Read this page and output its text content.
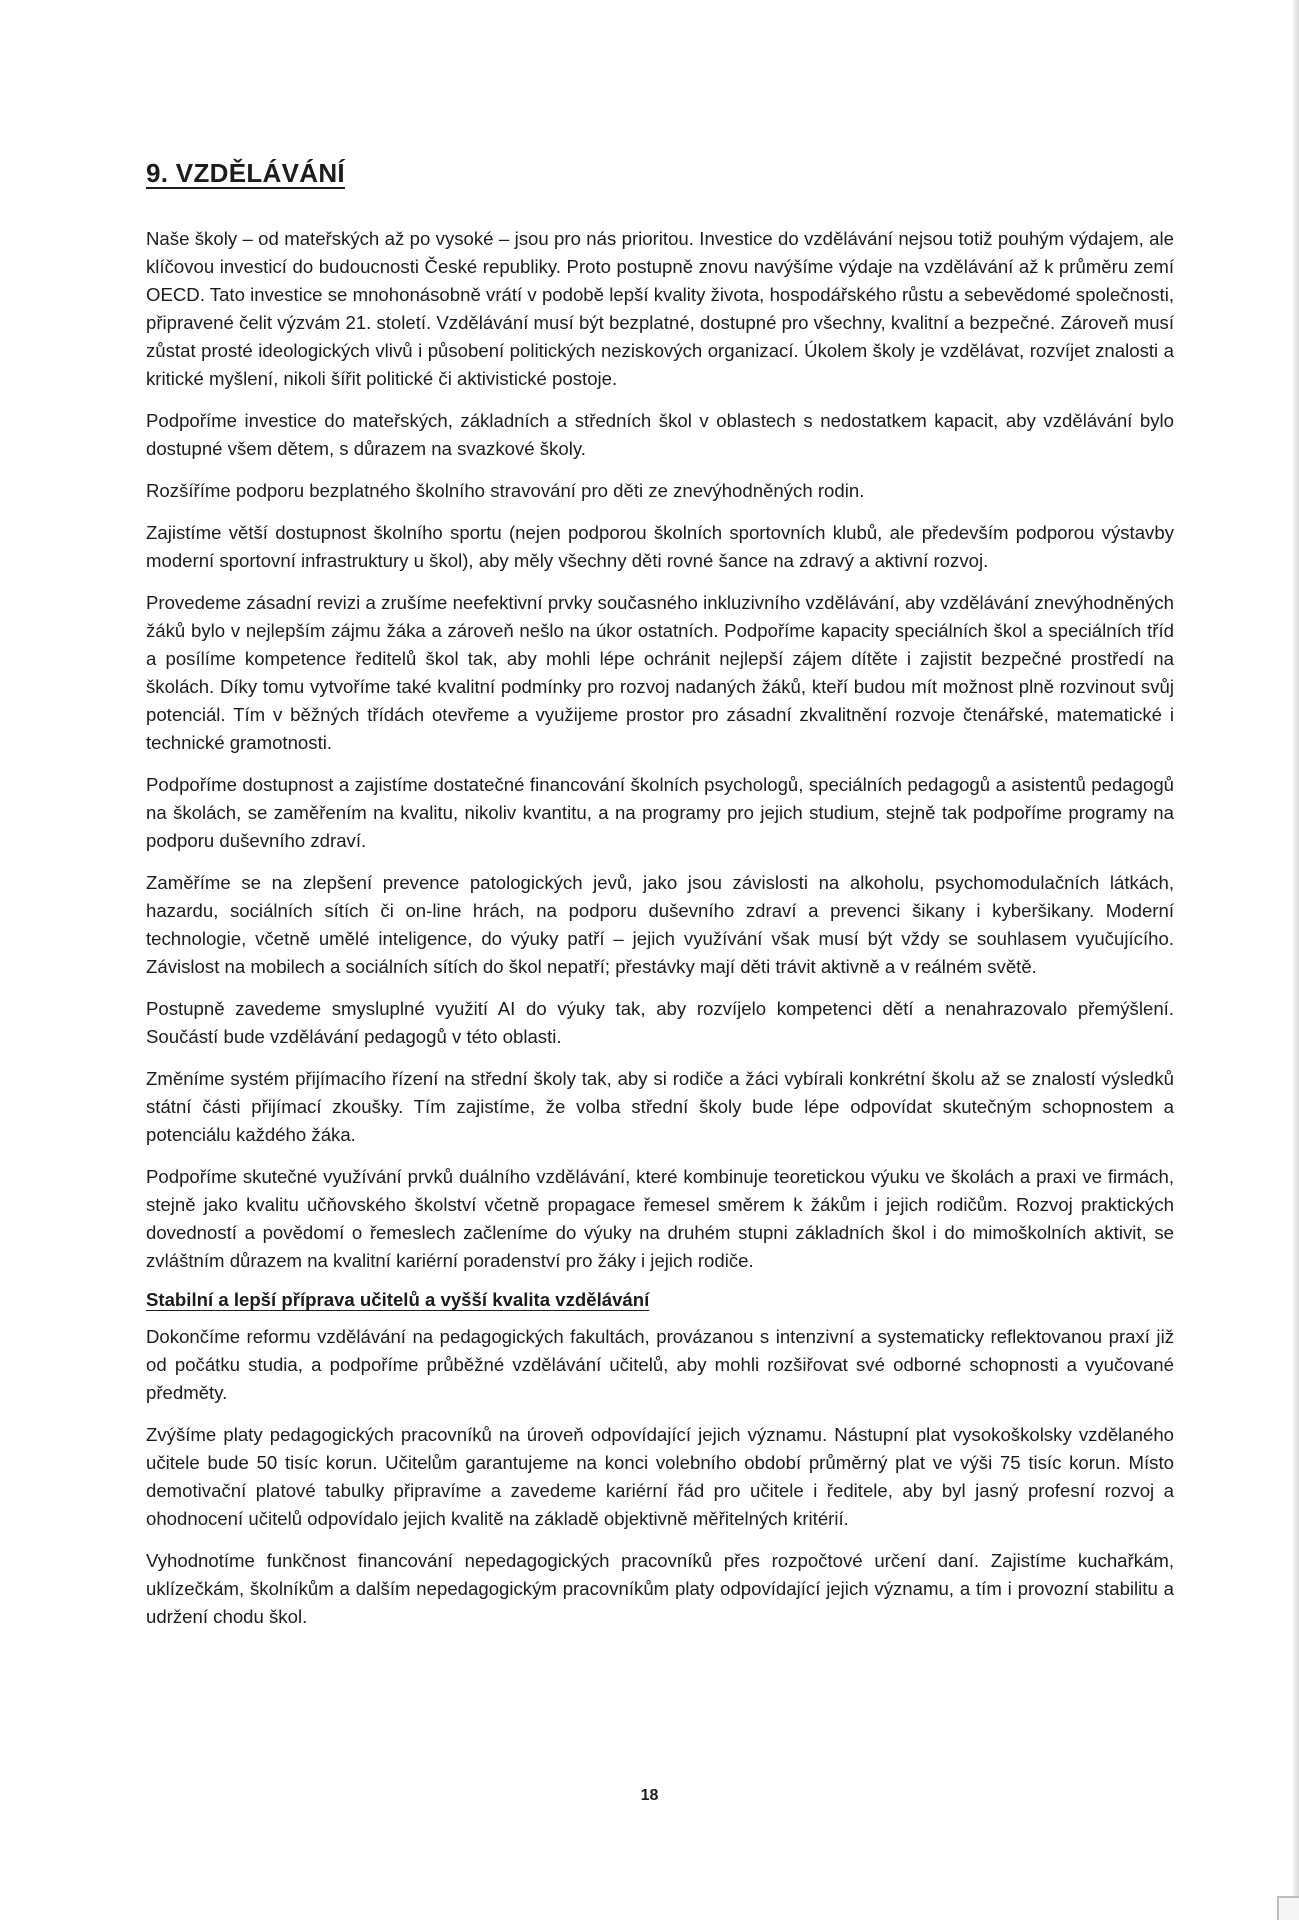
9. VZDĚLÁVÁNÍ

Naše školy – od mateřských až po vysoké – jsou pro nás prioritou. Investice do vzdělávání nejsou totiž pouhým výdajem, ale klíčovou investicí do budoucnosti České republiky. Proto postupně znovu navýšíme výdaje na vzdělávání až k průměru zemí OECD. Tato investice se mnohonásobně vrátí v podobě lepší kvality života, hospodářského růstu a sebevědomé společnosti, připravené čelit výzvám 21. století. Vzdělávání musí být bezplatné, dostupné pro všechny, kvalitní a bezpečné. Zároveň musí zůstat prosté ideologických vlivů i působení politických neziskových organizací. Úkolem školy je vzdělávat, rozvíjet znalosti a kritické myšlení, nikoli šířit politické či aktivistické postoje.

Podpoříme investice do mateřských, základních a středních škol v oblastech s nedostatkem kapacit, aby vzdělávání bylo dostupné všem dětem, s důrazem na svazkové školy.

Rozšíříme podporu bezplatného školního stravování pro děti ze znevýhodněných rodin.

Zajistíme větší dostupnost školního sportu (nejen podporou školních sportovních klubů, ale především podporou výstavby moderní sportovní infrastruktury u škol), aby měly všechny děti rovné šance na zdravý a aktivní rozvoj.

Provedeme zásadní revizi a zrušíme neefektivní prvky současného inkluzivního vzdělávání, aby vzdělávání znevýhodněných žáků bylo v nejlepším zájmu žáka a zároveň nešlo na úkor ostatních. Podpoříme kapacity speciálních škol a speciálních tříd a posílíme kompetence ředitelů škol tak, aby mohli lépe ochránit nejlepší zájem dítěte i zajistit bezpečné prostředí na školách. Díky tomu vytvoříme také kvalitní podmínky pro rozvoj nadaných žáků, kteří budou mít možnost plně rozvinout svůj potenciál. Tím v běžných třídách otevřeme a využijeme prostor pro zásadní zkvalitnění rozvoje čtenářské, matematické i technické gramotnosti.

Podpoříme dostupnost a zajistíme dostatečné financování školních psychologů, speciálních pedagogů a asistentů pedagogů na školách, se zaměřením na kvalitu, nikoliv kvantitu, a na programy pro jejich studium, stejně tak podpoříme programy na podporu duševního zdraví.

Zaměříme se na zlepšení prevence patologických jevů, jako jsou závislosti na alkoholu, psychomodulačních látkách, hazardu, sociálních sítích či on-line hrách, na podporu duševního zdraví a prevenci šikany i kyberšikany. Moderní technologie, včetně umělé inteligence, do výuky patří – jejich využívání však musí být vždy se souhlasem vyučujícího. Závislost na mobilech a sociálních sítích do škol nepatří; přestávky mají děti trávit aktivně a v reálném světě.

Postupně zavedeme smysluplné využití AI do výuky tak, aby rozvíjelo kompetenci dětí a nenahrazovalo přemýšlení. Součástí bude vzdělávání pedagogů v této oblasti.

Změníme systém přijímacího řízení na střední školy tak, aby si rodiče a žáci vybírali konkrétní školu až se znalostí výsledků státní části přijímací zkoušky. Tím zajistíme, že volba střední školy bude lépe odpovídat skutečným schopnostem a potenciálu každého žáka.

Podpoříme skutečné využívání prvků duálního vzdělávání, které kombinuje teoretickou výuku ve školách a praxi ve firmách, stejně jako kvalitu učňovského školství včetně propagace řemesel směrem k žákům i jejich rodičům. Rozvoj praktických dovedností a povědomí o řemeslech začleníme do výuky na druhém stupni základních škol i do mimoškolních aktivit, se zvláštním důrazem na kvalitní kariérní poradenství pro žáky i jejich rodiče.

Stabilní a lepší příprava učitelů a vyšší kvalita vzdělávání

Dokončíme reformu vzdělávání na pedagogických fakultách, provázanou s intenzivní a systematicky reflektovanou praxí již od počátku studia, a podpoříme průběžné vzdělávání učitelů, aby mohli rozšiřovat své odborné schopnosti a vyučované předměty.

Zvýšíme platy pedagogických pracovníků na úroveň odpovídající jejich významu. Nástupní plat vysokoškolsky vzdělaného učitele bude 50 tisíc korun. Učitelům garantujeme na konci volebního období průměrný plat ve výši 75 tisíc korun. Místo demotivační platové tabulky připravíme a zavedeme kariérní řád pro učitele i ředitele, aby byl jasný profesní rozvoj a ohodnocení učitelů odpovídalo jejich kvalitě na základě objektivně měřitelných kritérií.

Vyhodnotíme funkčnost financování nepedagogických pracovníků přes rozpočtové určení daní. Zajistíme kuchařkám, uklízečkám, školníkům a dalším nepedagogickým pracovníkům platy odpovídající jejich významu, a tím i provozní stabilitu a udržení chodu škol.

18
